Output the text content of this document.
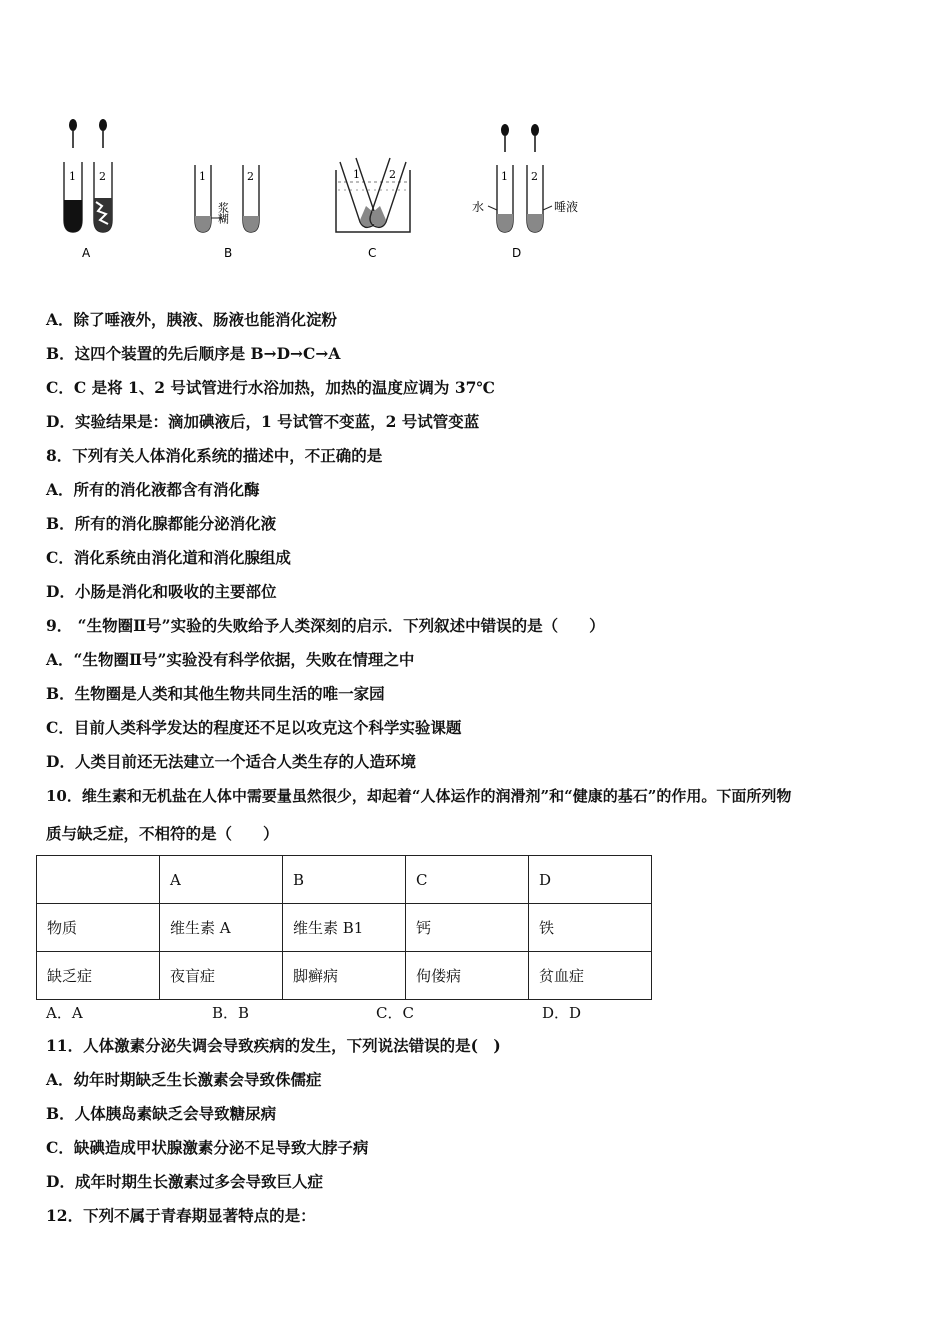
1 2
A
1	2
浆糊
B
1	2
C
1 2
水	唾液
D
A．除了唾液外，胰液、肠液也能消化淀粉
B．这四个装置的先后顺序是 B→D→C→A
C．C 是将 1、2 号试管进行水浴加热，加热的温度应调为 37℃
D．实验结果是：滴加碘液后，1 号试管不变蓝，2 号试管变蓝
8．下列有关人体消化系统的描述中，不正确的是
A．所有的消化液都含有消化酶
B．所有的消化腺都能分泌消化液
C．消化系统由消化道和消化腺组成
D．小肠是消化和吸收的主要部位
9． “生物圈Ⅱ号”实验的失败给予人类深刻的启示．下列叙述中错误的是（　　）
A．“生物圈Ⅱ号”实验没有科学依据，失败在情理之中
B．生物圈是人类和其他生物共同生活的唯一家园
C．目前人类科学发达的程度还不足以攻克这个科学实验课题
D．人类目前还无法建立一个适合人类生存的人造环境
10．维生素和无机盐在人体中需要量虽然很少，却起着“人体运作的润滑剂”和“健康的基石”的作用。下面所列物
质与缺乏症，不相符的是（　　）
	A	B	C	D
物质	维生素 A	维生素 B1	钙	铁
缺乏症	夜盲症	脚癣病	佝偻病	贫血症
A．A	B．B	C．C	D．D
11．人体激素分泌失调会导致疾病的发生，下列说法错误的是(　)
A．幼年时期缺乏生长激素会导致侏儒症
B．人体胰岛素缺乏会导致糖尿病
C．缺碘造成甲状腺激素分泌不足导致大脖子病
D．成年时期生长激素过多会导致巨人症
12．下列不属于青春期显著特点的是：
